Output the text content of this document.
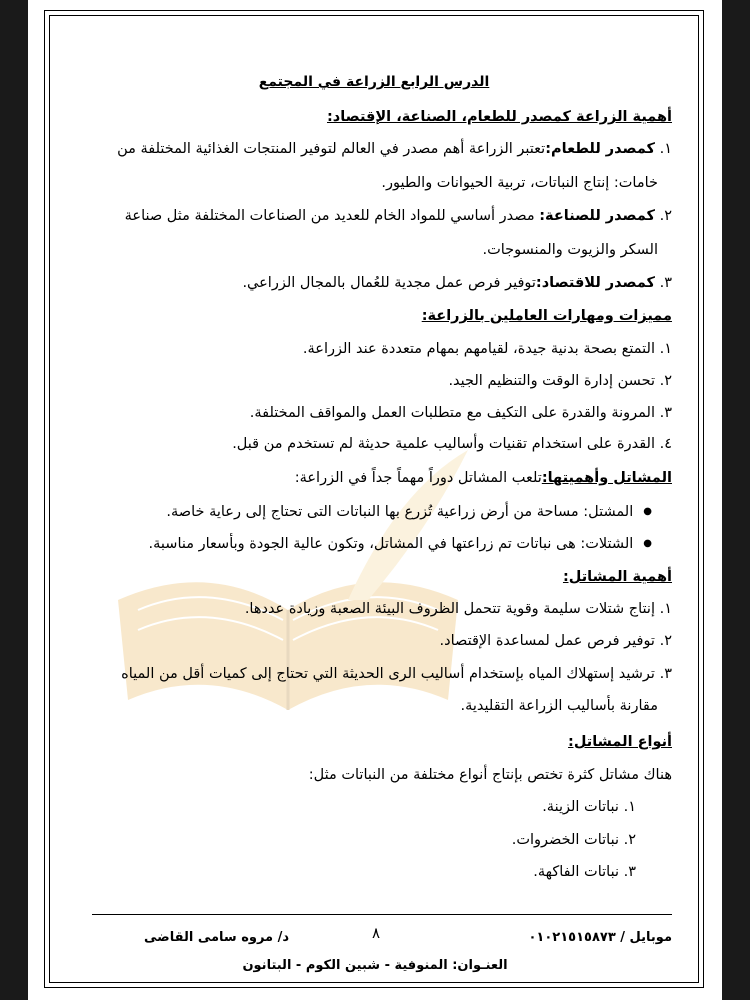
الدرس الرابع الزراعة في المجتمع
أهمية الزراعة كمصدر للطعام، الصناعة، الإقتصاد:
١. كمصدر للطعام:تعتبر الزراعة أهم مصدر في العالم لتوفير المنتجات الغذائية المختلفة من
خامات: إنتاج النباتات، تربية الحيوانات والطيور.
٢. كمصدر للصناعة: مصدر أساسي للمواد الخام للعديد من الصناعات المختلفة مثل صناعة
السكر والزيوت والمنسوجات.
٣. كمصدر للاقتصاد:توفير فرص عمل مجدية للعُمال بالمجال الزراعي.
مميزات ومهارات العاملين بالزراعة:
١. التمتع بصحة بدنية جيدة، لقيامهم بمهام متعددة عند الزراعة.
٢. تحسن إدارة الوقت والتنظيم الجيد.
٣. المرونة والقدرة على التكيف مع متطلبات العمل والمواقف المختلفة.
٤. القدرة على استخدام تقنيات وأساليب علمية حديثة لم تستخدم من قبل.
المشاتل وأهميتها:تلعب المشاتل دوراً مهماً جداً في الزراعة:
●المشتل: مساحة من أرض زراعية تُزرع بها النباتات التى تحتاج إلى رعاية خاصة.
●الشتلات: هى نباتات تم زراعتها في المشاتل، وتكون عالية الجودة وبأسعار مناسبة.
أهمية المشاتل:
١. إنتاج شتلات سليمة وقوية تتحمل الظروف البيئة الصعبة وزيادة عددها.
٢. توفير فرص عمل لمساعدة الإقتصاد.
٣. ترشيد إستهلاك المياه بإستخدام أساليب الرى الحديثة التي تحتاج إلى كميات أقل من المياه
مقارنة بأساليب الزراعة التقليدية.
أنواع المشاتل:
هناك مشاتل كثرة تختص بإنتاج أنواع مختلفة من النباتات مثل:
١. نباتات الزينة.
٢. نباتات الخضروات.
٣. نباتات الفاكهة.
موبايل / ٠١٠٢١٥١٥٨٧٣
٨
د/ مروه سامى القاضى
العنـوان: المنوفية - شبين الكوم - البتانون
